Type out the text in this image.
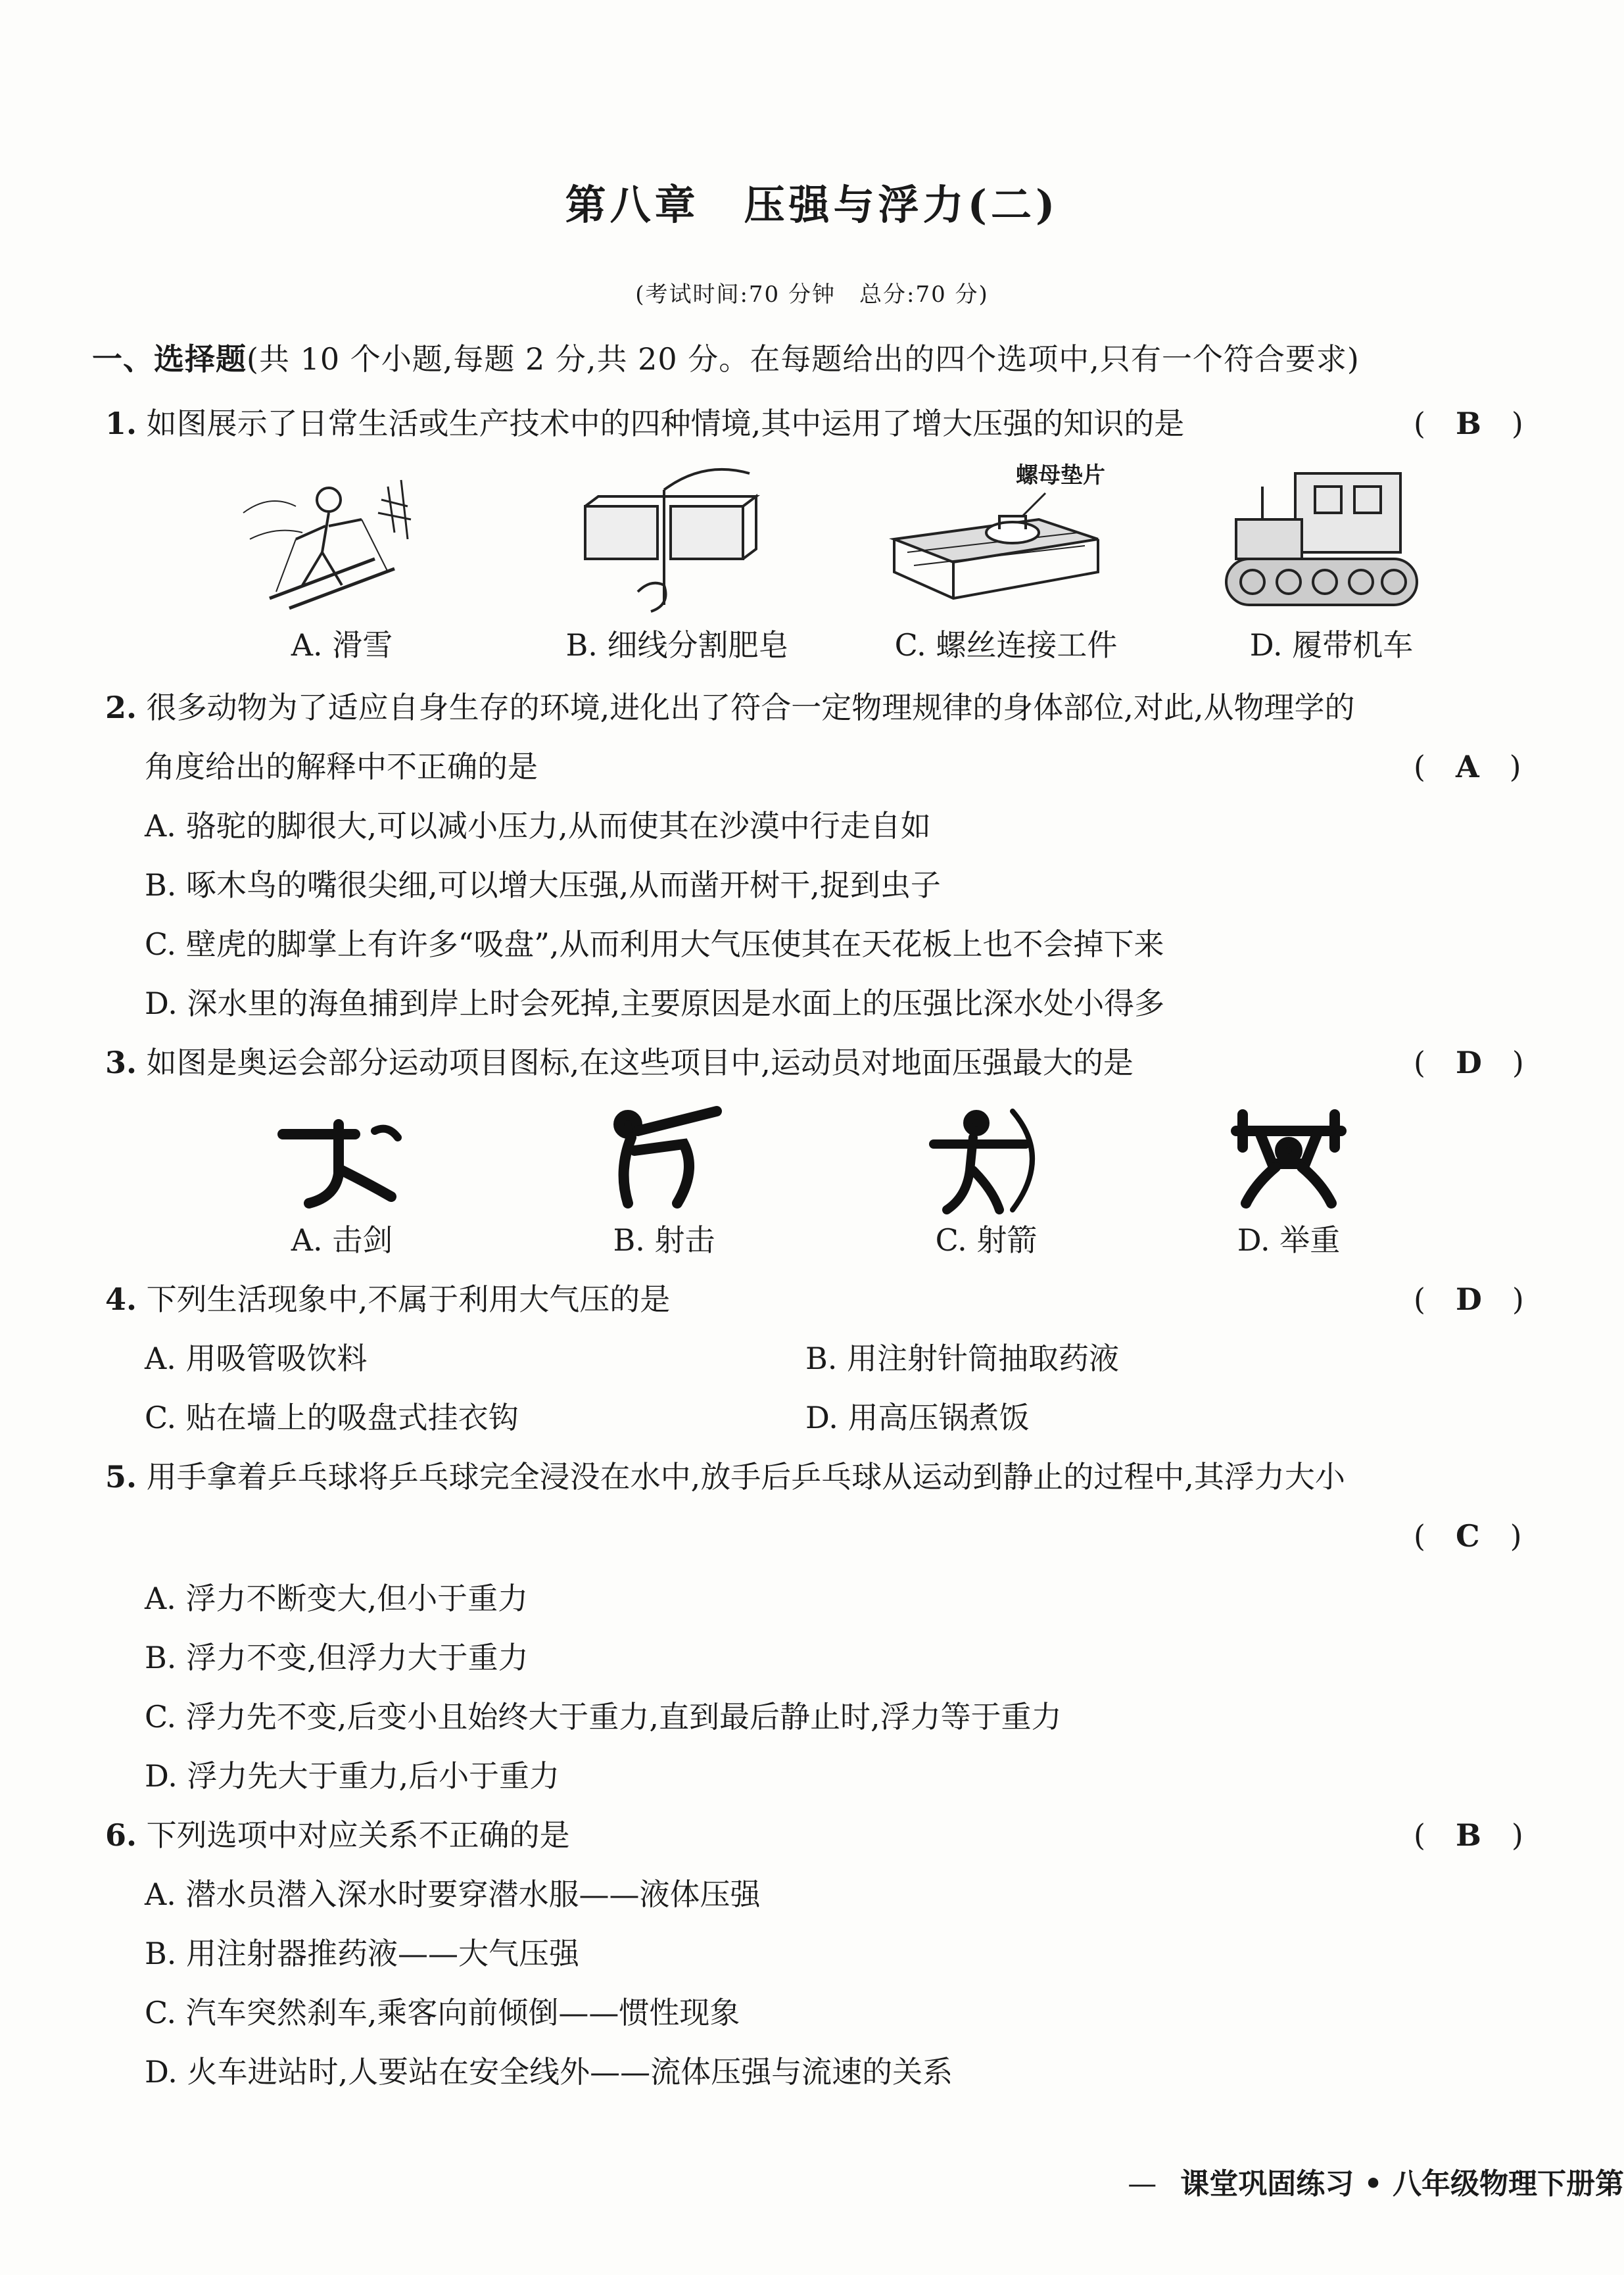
第八章　压强与浮力(二)
(考试时间:70 分钟　总分:70 分)
一、选择题(共 10 个小题,每题 2 分,共 20 分。在每题给出的四个选项中,只有一个符合要求)
1. 如图展示了日常生活或生产技术中的四种情境,其中运用了增大压强的知识的是	(　B　)
螺母垫片
A. 滑雪	B. 细线分割肥皂	C. 螺丝连接工件	D. 履带机车
2. 很多动物为了适应自身生存的环境,进化出了符合一定物理规律的身体部位,对此,从物理学的
角度给出的解释中不正确的是	(　A　)
A. 骆驼的脚很大,可以减小压力,从而使其在沙漠中行走自如
B. 啄木鸟的嘴很尖细,可以增大压强,从而凿开树干,捉到虫子
C. 壁虎的脚掌上有许多“吸盘”,从而利用大气压使其在天花板上也不会掉下来
D. 深水里的海鱼捕到岸上时会死掉,主要原因是水面上的压强比深水处小得多
3. 如图是奥运会部分运动项目图标,在这些项目中,运动员对地面压强最大的是	(　D　)
A. 击剑	B. 射击	C. 射箭	D. 举重
4. 下列生活现象中,不属于利用大气压的是	(　D　)
A. 用吸管吸饮料	B. 用注射针筒抽取药液
C. 贴在墙上的吸盘式挂衣钩	D. 用高压锅煮饭
5. 用手拿着乒乓球将乒乓球完全浸没在水中,放手后乒乓球从运动到静止的过程中,其浮力大小
(　C　)
A. 浮力不断变大,但小于重力
B. 浮力不变,但浮力大于重力
C. 浮力先不变,后变小且始终大于重力,直到最后静止时,浮力等于重力
D. 浮力先大于重力,后小于重力
6. 下列选项中对应关系不正确的是	(　B　)
A. 潜水员潜入深水时要穿潜水服——液体压强
B. 用注射器推药液——大气压强
C. 汽车突然刹车,乘客向前倾倒——惯性现象
D. 火车进站时,人要站在安全线外——流体压强与流速的关系
— 课堂巩固练习 • 八年级物理下册第
